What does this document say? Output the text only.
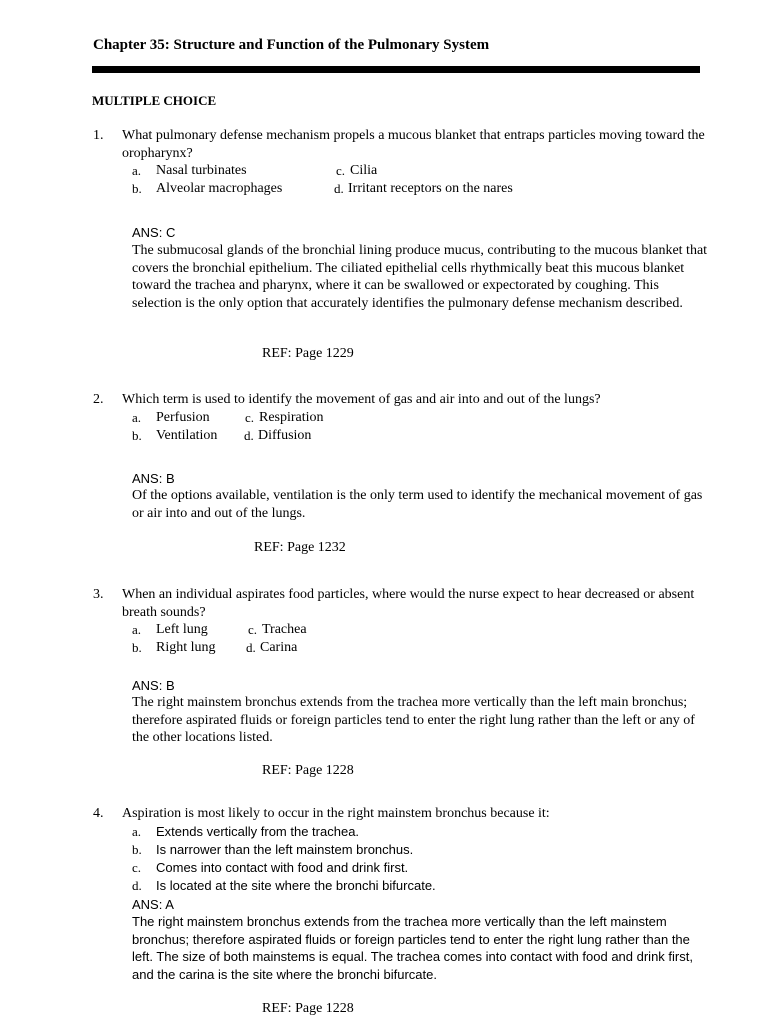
Chapter 35: Structure and Function of the Pulmonary System
MULTIPLE CHOICE
1. What pulmonary defense mechanism propels a mucous blanket that entraps particles moving toward the oropharynx?
a. Nasal turbinates
b. Alveolar macrophages
c. Cilia
d. Irritant receptors on the nares
ANS: C
The submucosal glands of the bronchial lining produce mucus, contributing to the mucous blanket that covers the bronchial epithelium. The ciliated epithelial cells rhythmically beat this mucous blanket toward the trachea and pharynx, where it can be swallowed or expectorated by coughing. This selection is the only option that accurately identifies the pulmonary defense mechanism described.
REF: Page 1229
2. Which term is used to identify the movement of gas and air into and out of the lungs?
a. Perfusion
b. Ventilation
c. Respiration
d. Diffusion
ANS: B
Of the options available, ventilation is the only term used to identify the mechanical movement of gas or air into and out of the lungs.
REF: Page 1232
3. When an individual aspirates food particles, where would the nurse expect to hear decreased or absent breath sounds?
a. Left lung
b. Right lung
c. Trachea
d. Carina
ANS: B
The right mainstem bronchus extends from the trachea more vertically than the left main bronchus; therefore aspirated fluids or foreign particles tend to enter the right lung rather than the left or any of the other locations listed.
REF: Page 1228
4. Aspiration is most likely to occur in the right mainstem bronchus because it:
a. Extends vertically from the trachea.
b. Is narrower than the left mainstem bronchus.
c. Comes into contact with food and drink first.
d. Is located at the site where the bronchi bifurcate.
ANS: A
The right mainstem bronchus extends from the trachea more vertically than the left mainstem bronchus; therefore aspirated fluids or foreign particles tend to enter the right lung rather than the left. The size of both mainstems is equal. The trachea comes into contact with food and drink first, and the carina is the site where the bronchi bifurcate.
REF: Page 1228
